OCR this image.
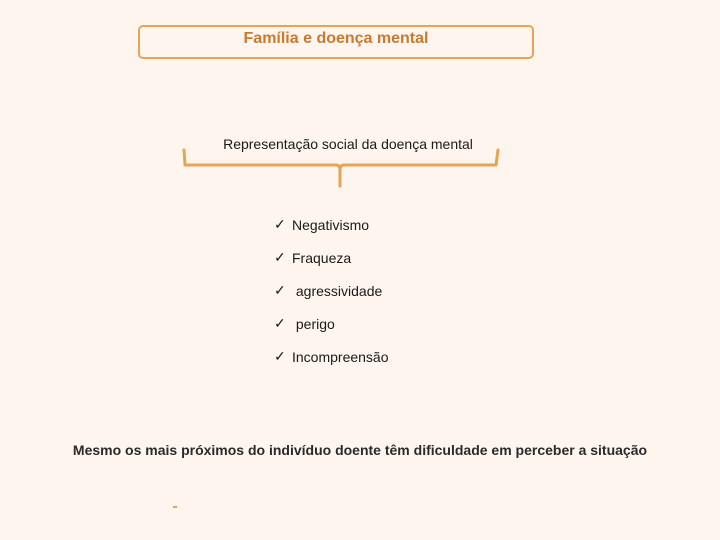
Família e doença mental
Representação social da doença mental
✓ Negativismo
✓ Fraqueza
✓ agressividade
✓ perigo
✓ Incompreensão
Mesmo os mais próximos do indivíduo doente têm dificuldade em perceber a situação
